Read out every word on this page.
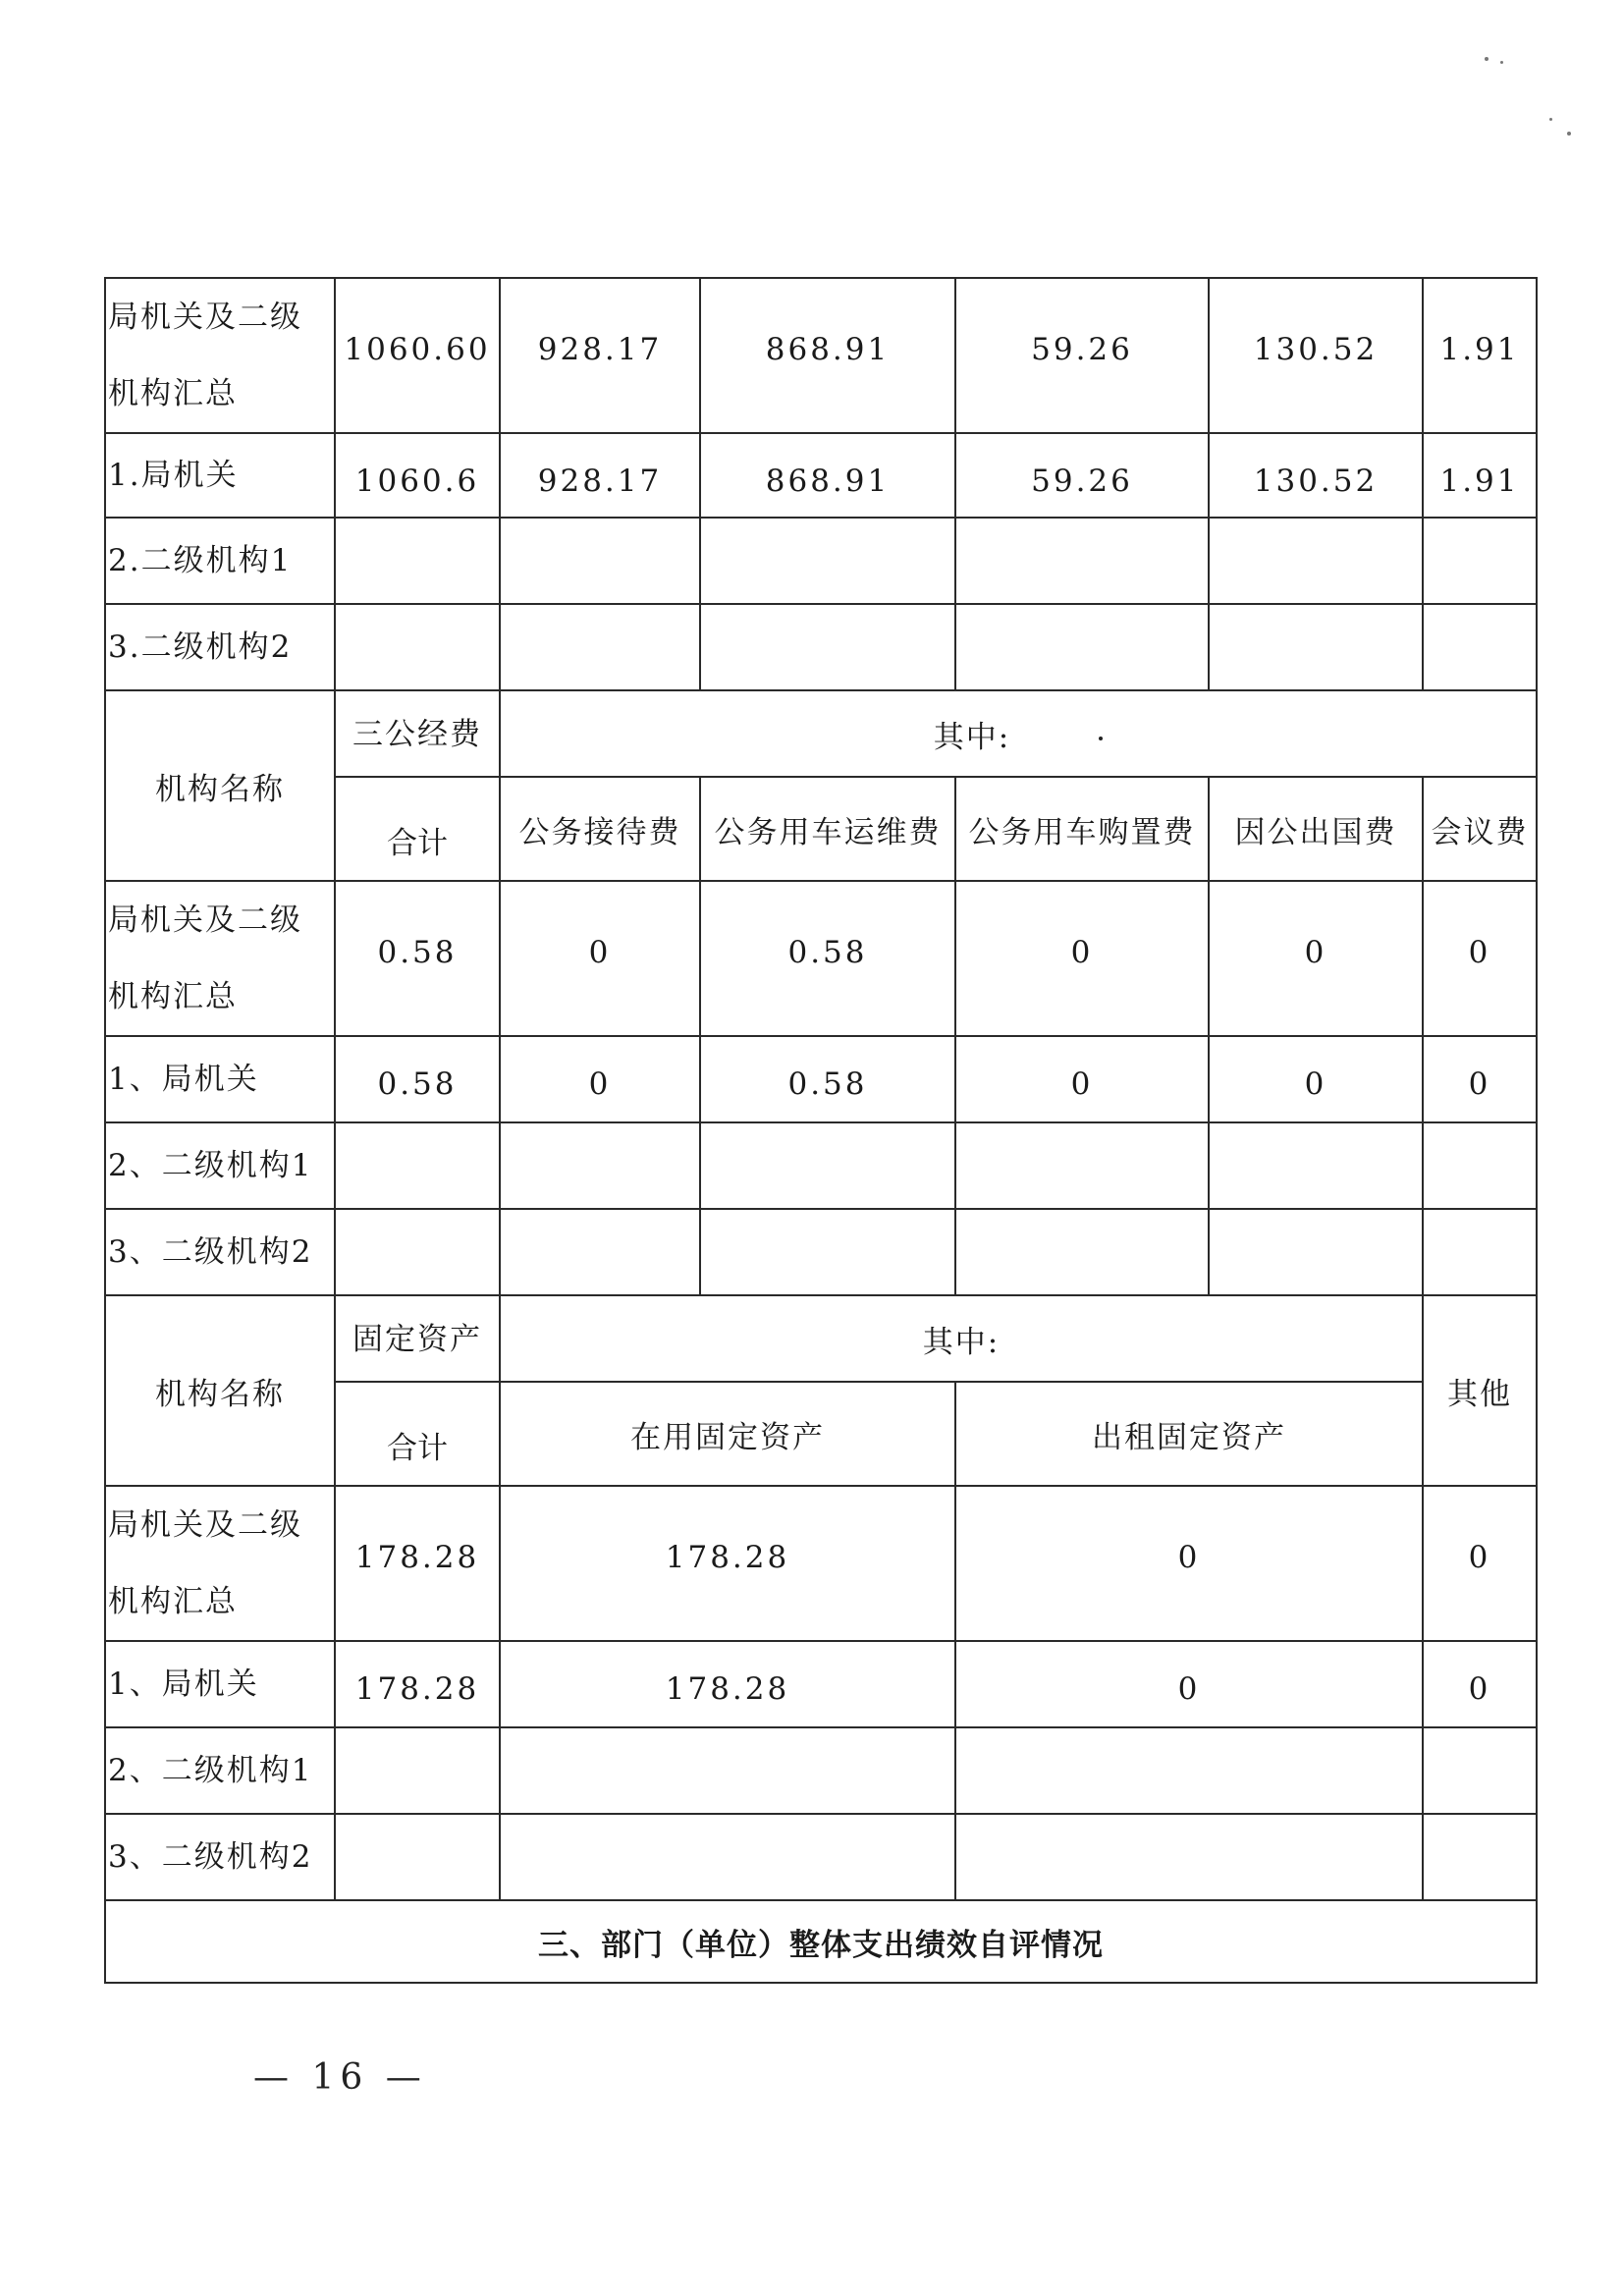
局机关及二级机构汇总	1060.60	928.17	868.91	59.26	130.52	1.91
1.局机关	1060.6	928.17	868.91	59.26	130.52	1.91
2.二级机构1						
3.二级机构2						
机构名称	三公经费	其中:				
	合计	公务接待费	公务用车运维费	公务用车购置费	因公出国费	会议费
局机关及二级机构汇总	0.58	0	0.58	0	0	0
1、局机关	0.58	0	0.58	0	0	0
2、二级机构1						
3、二级机构2						
机构名称	固定资产	其中:				其他
	合计	在用固定资产		出租固定资产		
局机关及二级机构汇总	178.28	178.28		0		0
1、局机关	178.28	178.28		0		0
2、二级机构1						
3、二级机构2						
三、部门（单位）整体支出绩效自评情况						
— 16 —
